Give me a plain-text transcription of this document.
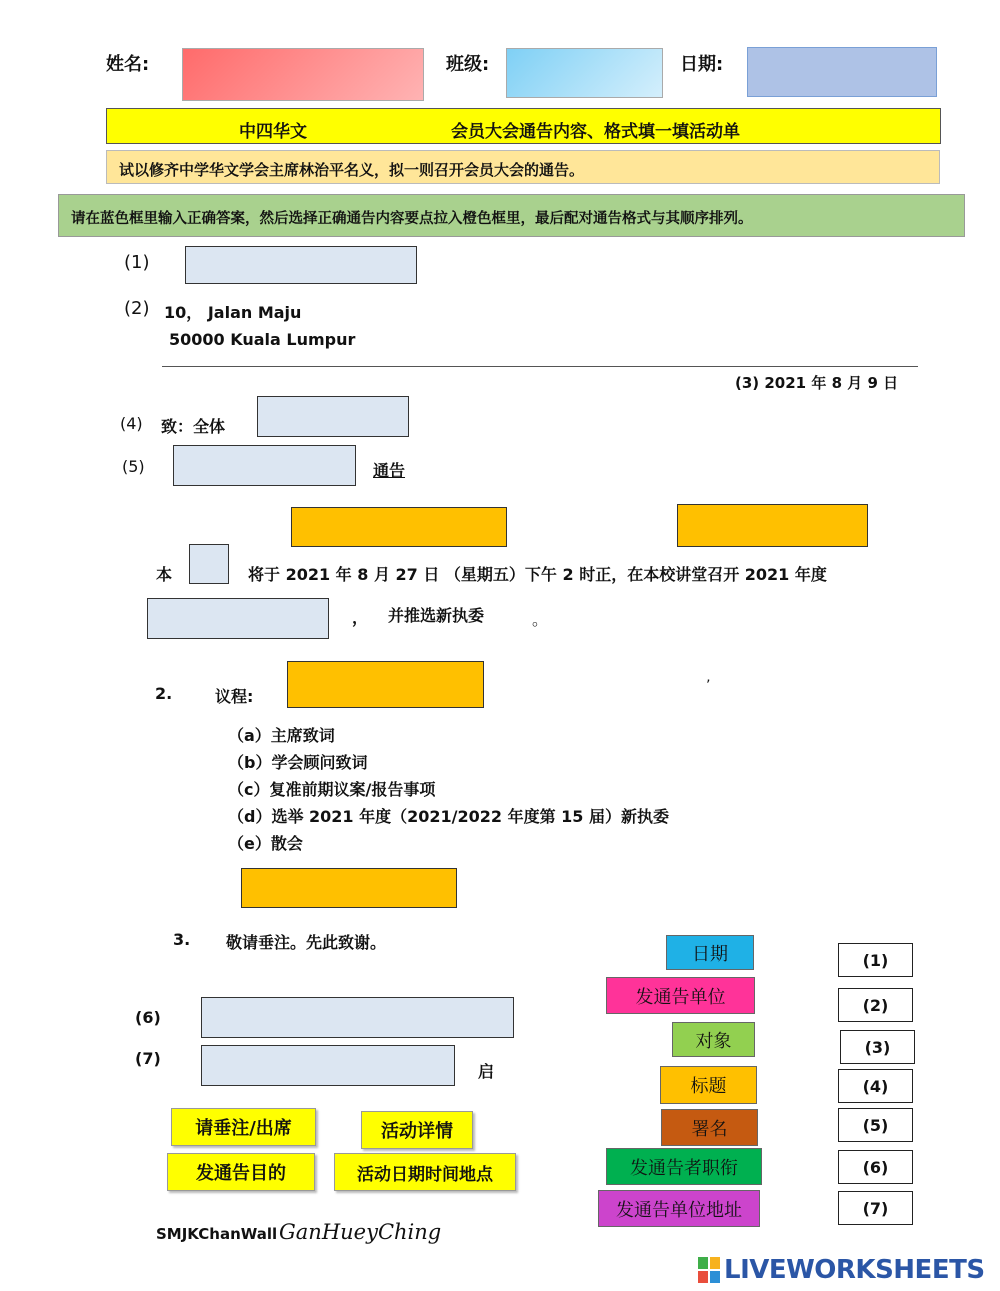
姓名:	班级:	日期:
中四华文	会员大会通告内容、格式填一填活动单
试以修齐中学华文学会主席林治平名义，拟一则召开会员大会的通告。
请在蓝色框里输入正确答案，然后选择正确通告内容要点拉入橙色框里，最后配对通告格式与其顺序排列。
(1)
(2) 10， Jalan Maju
50000 Kuala Lumpur
(3) 2021 年 8 月 9 日
(4) 致：全体
(5)	通告
本	将于 2021 年 8 月 27 日 （星期五）下午 2 时正，在本校讲堂召开 2021 年度
， 并推选新执委	。
2.	议程:
’
（a）主席致词
（b）学会顾问致词
（c）复准前期议案/报告事项
（d）选举 2021 年度（2021/2022 年度第 15 届）新执委
（e）散会
3. 敬请垂注。先此致谢。
(6)
(7)
启
请垂注/出席	活动详情
发通告目的	活动日期时间地点
SMJKChanWall GanHueyChing
日期
发通告单位
对象
标题
署名
发通告者职衔
发通告单位地址
(1)
(2)
(3)
(4)
(5)
(6)
(7)
LIVEWORKSHEETS
